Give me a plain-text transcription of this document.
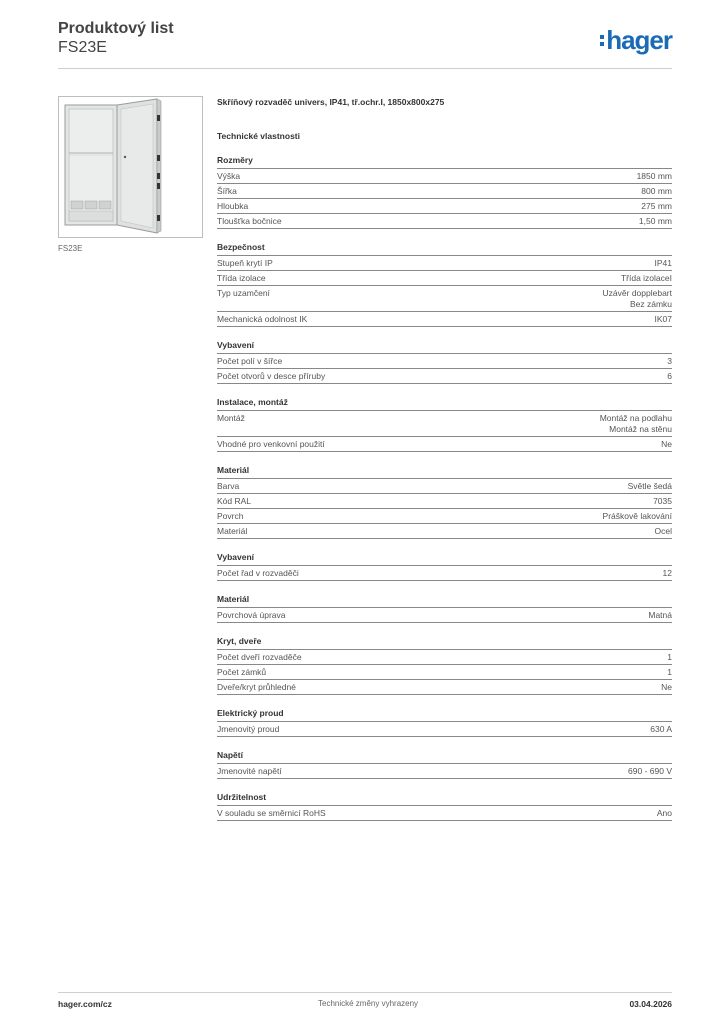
Produktový list
FS23E	hager
FS23E
Skříňový rozvaděč univers, IP41, tř.ochr.I, 1850x800x275
Technické vlastnosti
Rozměry
Výška	1850 mm
Šířka	800 mm
Hloubka	275 mm
Tloušťka bočnice	1,50 mm
Bezpečnost
Stupeň krytí IP	IP41
Třída izolace	Třída izolaceI
Typ uzamčení	Uzávěr dopplebart
Bez zámku
Mechanická odolnost IK	IK07
Vybavení
Počet polí v šířce	3
Počet otvorů v desce příruby	6
Instalace, montáž
Montáž	Montáž na podlahu
Montáž na stěnu
Vhodné pro venkovní použití	Ne
Materiál
Barva	Světle šedá
Kód RAL	7035
Povrch	Práškově lakování
Materiál	Ocel
Vybavení
Počet řad v rozvaděči	12
Materiál
Povrchová úprava	Matná
Kryt, dveře
Počet dveří rozvaděče	1
Počet zámků	1
Dveře/kryt průhledné	Ne
Elektrický proud
Jmenovitý proud	630 A
Napětí
Jmenovité napětí	690 - 690 V
Udržitelnost
V souladu se směrnicí RoHS	Ano
hager.com/cz	Technické změny vyhrazeny	03.04.2026
